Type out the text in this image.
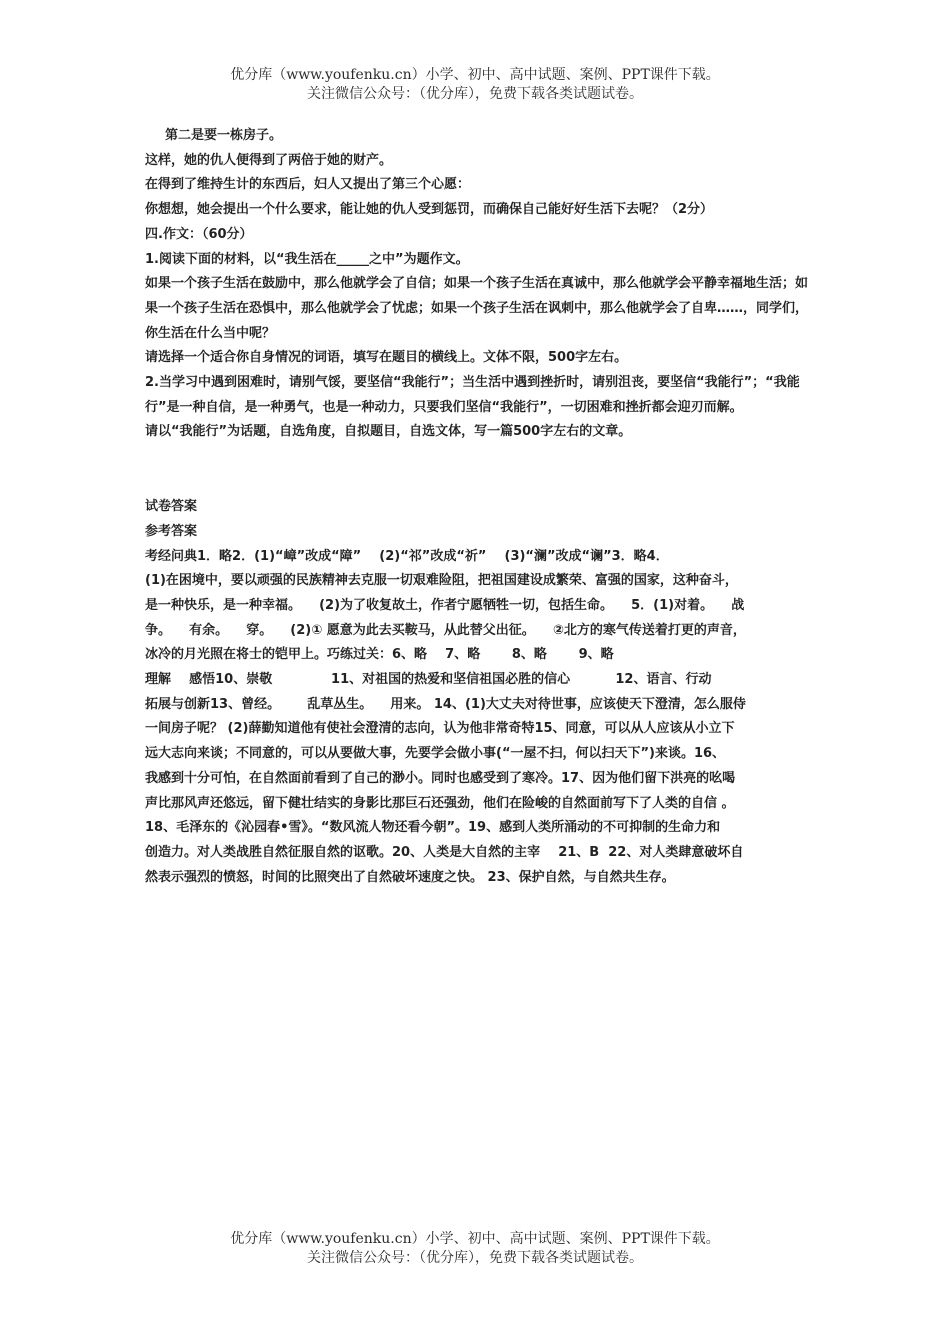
优分库（www.youfenku.cn）小学、初中、高中试题、案例、PPT课件下载。
关注微信公众号：（优分库），免费下载各类试题试卷。

第二是要一栋房子。

这样，她的仇人便得到了两倍于她的财产。

在得到了维持生计的东西后，妇人又提出了第三个心愿：

你想想，她会提出一个什么要求，能让她的仇人受到惩罚，而确保自己能好好生活下去呢？（2分）

四.作文：（60分）

1.阅读下面的材料，以“我生活在_____之中”为题作文。

如果一个孩子生活在鼓励中，那么他就学会了自信；如果一个孩子生活在真诚中，那么他就学会平静幸福地生活；如果一个孩子生活在恐惧中，那么他就学会了忧虑；如果一个孩子生活在讽刺中，那么他就学会了自卑……，同学们，你生活在什么当中呢？

请选择一个适合你自身情况的词语，填写在题目的横线上。文体不限，500字左右。

2.当学习中遇到困难时，请别气馁，要坚信“我能行”；当生活中遇到挫折时，请别沮丧，要坚信“我能行”；“我能行”是一种自信，是一种勇气，也是一种动力，只要我们坚信“我能行”，一切困难和挫折都会迎刃而解。

请以“我能行”为话题，自选角度，自拟题目，自选文体，写一篇500字左右的文章。

试卷答案

参考答案

考经问典1．略2．(1)“嶂”改成“障”    (2)“祁”改成“祈”    (3)“澜”改成“谰”3．略4．

(1)在困境中，要以顽强的民族精神去克服一切艰难险阻，把祖国建设成繁荣、富强的国家，这种奋斗，

是一种快乐，是一种幸福。    (2)为了收复故土，作者宁愿牺牲一切，包括生命。    5．(1)对着。    战

争。    有余。    穿。    (2)① 愿意为此去买鞍马，从此替父出征。    ②北方的寒气传送着打更的声音，

冰冷的月光照在将士的铠甲上。巧练过关：6、略    7、略       8、略       9、略

理解    感悟10、崇敬             11、对祖国的热爱和坚信祖国必胜的信心          12、语言、行动

拓展与创新13、曾经。      乱草丛生。    用来。 14、(1)大丈夫对待世事，应该使天下澄清，怎么服侍

一间房子呢？ (2)薛勤知道他有使社会澄清的志向，认为他非常奇特15、同意，可以从人应该从小立下

远大志向来谈；不同意的，可以从要做大事，先要学会做小事(“一屋不扫，何以扫天下”)来谈。16、

我感到十分可怕，在自然面前看到了自己的渺小。同时也感受到了寒冷。17、因为他们留下洪亮的吆喝

声比那风声还悠远，留下健壮结实的身影比那巨石还强劲，他们在险峻的自然面前写下了人类的自信 。

18、毛泽东的《沁园春•雪》。“数风流人物还看今朝”。19、感到人类所涌动的不可抑制的生命力和

创造力。对人类战胜自然征服自然的讴歌。20、人类是大自然的主宰    21、B  22、对人类肆意破坏自

然表示强烈的愤怒，时间的比照突出了自然破坏速度之快。 23、保护自然，与自然共生存。

优分库（www.youfenku.cn）小学、初中、高中试题、案例、PPT课件下载。
关注微信公众号：（优分库），免费下载各类试题试卷。
